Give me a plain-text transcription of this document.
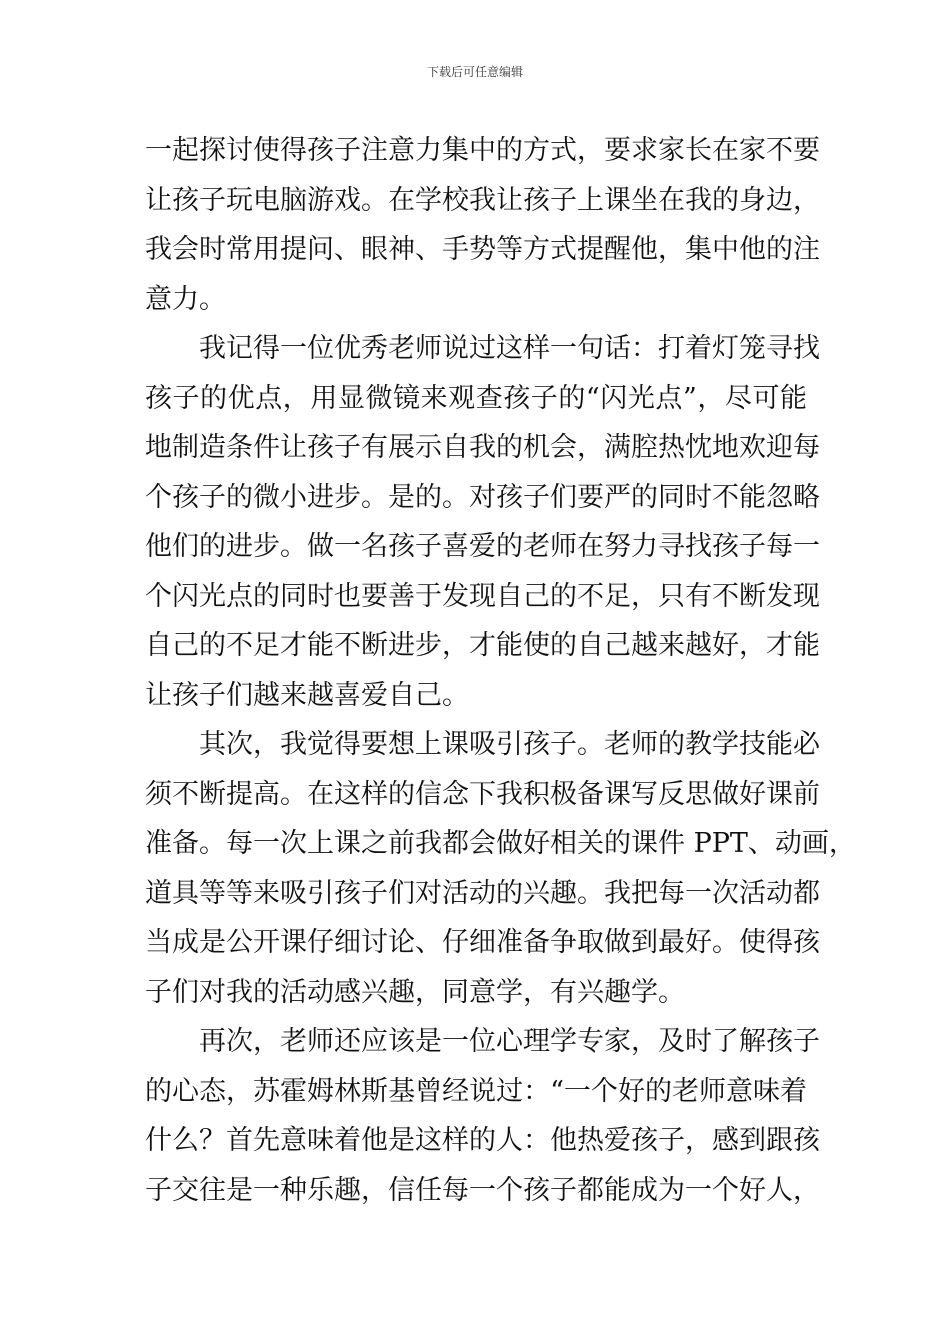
下载后可任意编辑
一起探讨使得孩子注意力集中的方式，要求家长在家不要
让孩子玩电脑游戏。在学校我让孩子上课坐在我的身边，
我会时常用提问、眼神、手势等方式提醒他，集中他的注
意力。
我记得一位优秀老师说过这样一句话：打着灯笼寻找
孩子的优点，用显微镜来观查孩子的“闪光点”，尽可能
地制造条件让孩子有展示自我的机会，满腔热忱地欢迎每
个孩子的微小进步。是的。对孩子们要严的同时不能忽略
他们的进步。做一名孩子喜爱的老师在努力寻找孩子每一
个闪光点的同时也要善于发现自己的不足，只有不断发现
自己的不足才能不断进步，才能使的自己越来越好，才能
让孩子们越来越喜爱自己。
其次，我觉得要想上课吸引孩子。老师的教学技能必
须不断提高。在这样的信念下我积极备课写反思做好课前
准备。每一次上课之前我都会做好相关的课件 PPT、动画，
道具等等来吸引孩子们对活动的兴趣。我把每一次活动都
当成是公开课仔细讨论、仔细准备争取做到最好。使得孩
子们对我的活动感兴趣，同意学，有兴趣学。
再次，老师还应该是一位心理学专家，及时了解孩子
的心态，苏霍姆林斯基曾经说过：“一个好的老师意味着
什么？首先意味着他是这样的人：他热爱孩子，感到跟孩
子交往是一种乐趣，信任每一个孩子都能成为一个好人，
